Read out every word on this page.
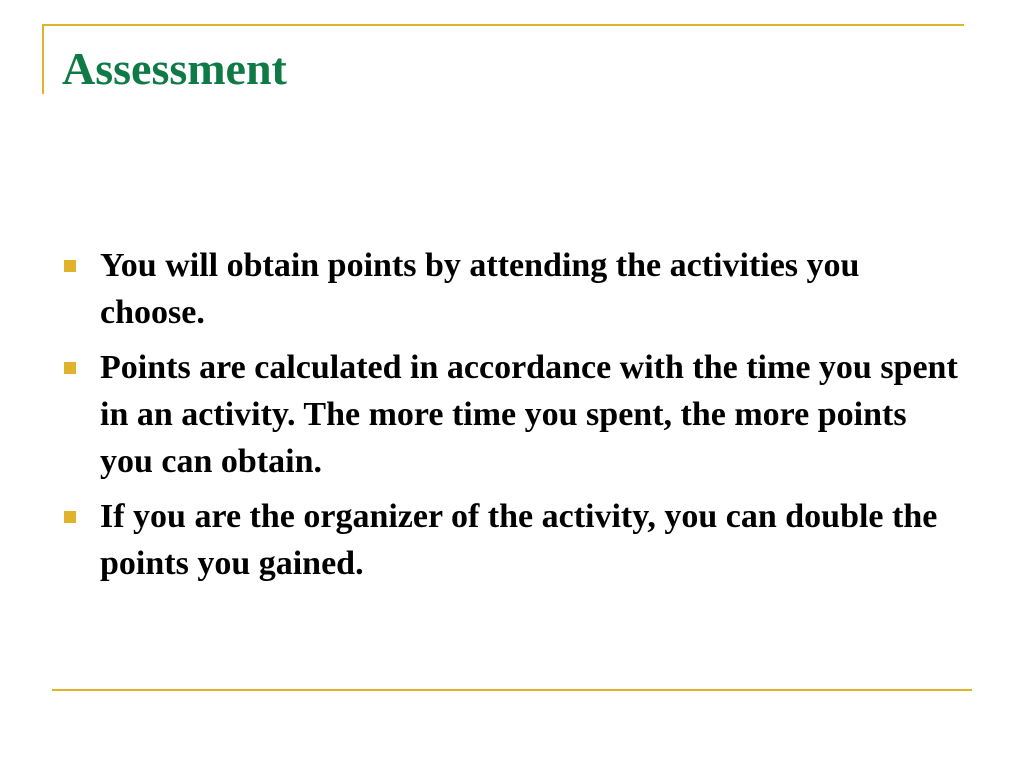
Assessment
You will obtain points by attending the activities you choose.
Points are calculated in accordance with the time you spent in an activity. The more time you spent, the more points you can obtain.
If you are the organizer of the activity, you can double the points you gained.
